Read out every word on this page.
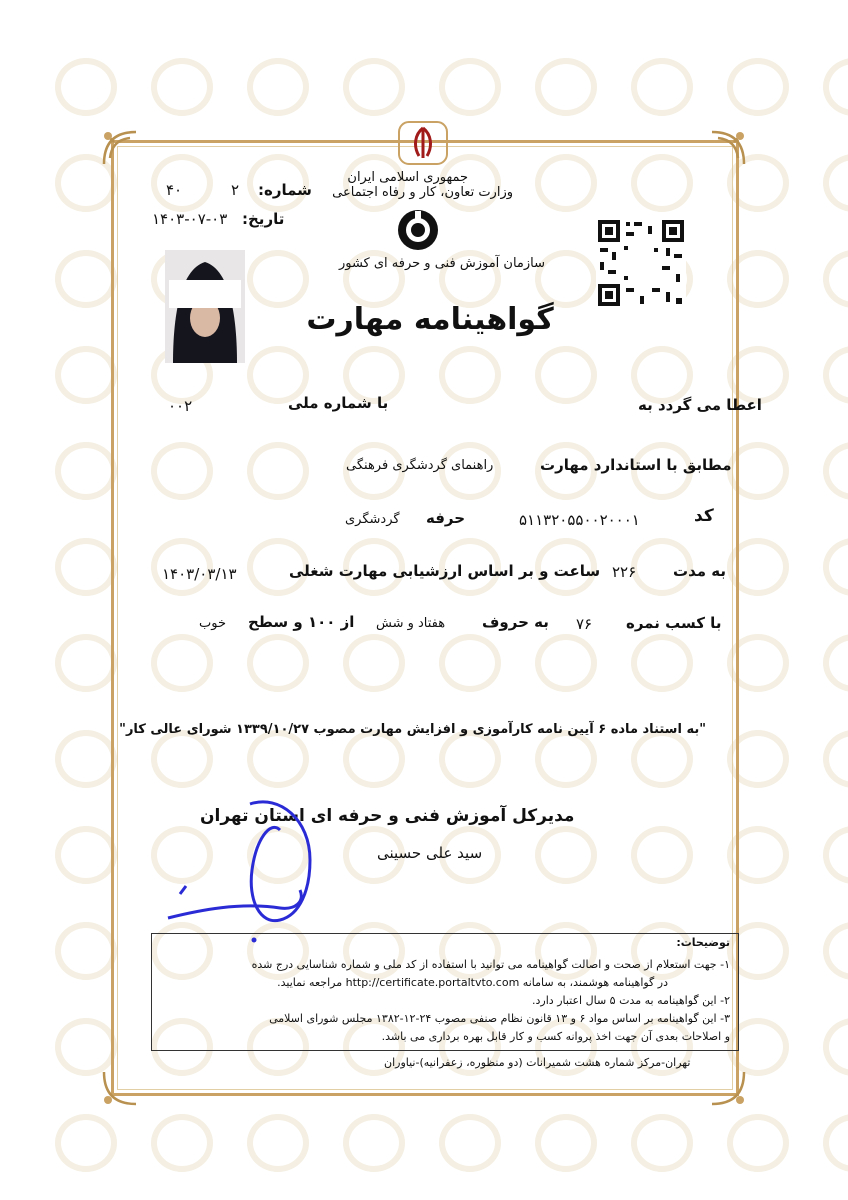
جمهوری اسلامی ایران
وزارت تعاون، کار و رفاه اجتماعی
سازمان آموزش فنی و حرفه ای کشور
شماره:
۲
۴۰
تاریخ:
۱۴۰۳-۰۷-۰۳
گواهینامه مهارت
اعطا می گردد به
با شماره ملی
۰۰۲
مطابق با استاندارد مهارت
راهنمای گردشگری فرهنگی
کد
۵۱۱۳۲۰۵۵۰۰۲۰۰۰۱
حرفه
گردشگری
به مدت
۲۲۶
ساعت و بر اساس ارزشیابی مهارت شغلی
۱۴۰۳/۰۳/۱۳
با کسب نمره
۷۶
به حروف
هفتاد و شش
از ۱۰۰ و سطح
خوب
"به استناد ماده ۶ آیین نامه کارآموزی و افزایش مهارت مصوب ۱۳۳۹/۱۰/۲۷ شورای عالی کار"
مدیرکل آموزش فنی و حرفه ای استان تهران
سید علی حسینی
توضیحات:
۱- جهت استعلام از صحت و اصالت گواهینامه می توانید با استفاده از کد ملی و شماره شناسایی درج شده
در گواهینامه هوشمند، به سامانه http://certificate.portaltvto.com مراجعه نمایید.
۲- این گواهینامه به مدت ۵ سال اعتبار دارد.
۳- این گواهینامه بر اساس مواد ۶ و ۱۳ قانون نظام صنفی مصوب ۲۴-۱۲-۱۳۸۲ مجلس شورای اسلامی
و اصلاحات بعدی آن جهت اخذ پروانه کسب و کار قابل بهره برداری می باشد.
تهران-مرکز شماره هشت شمیرانات (دو منظوره، زعفرانیه)-نیاوران
